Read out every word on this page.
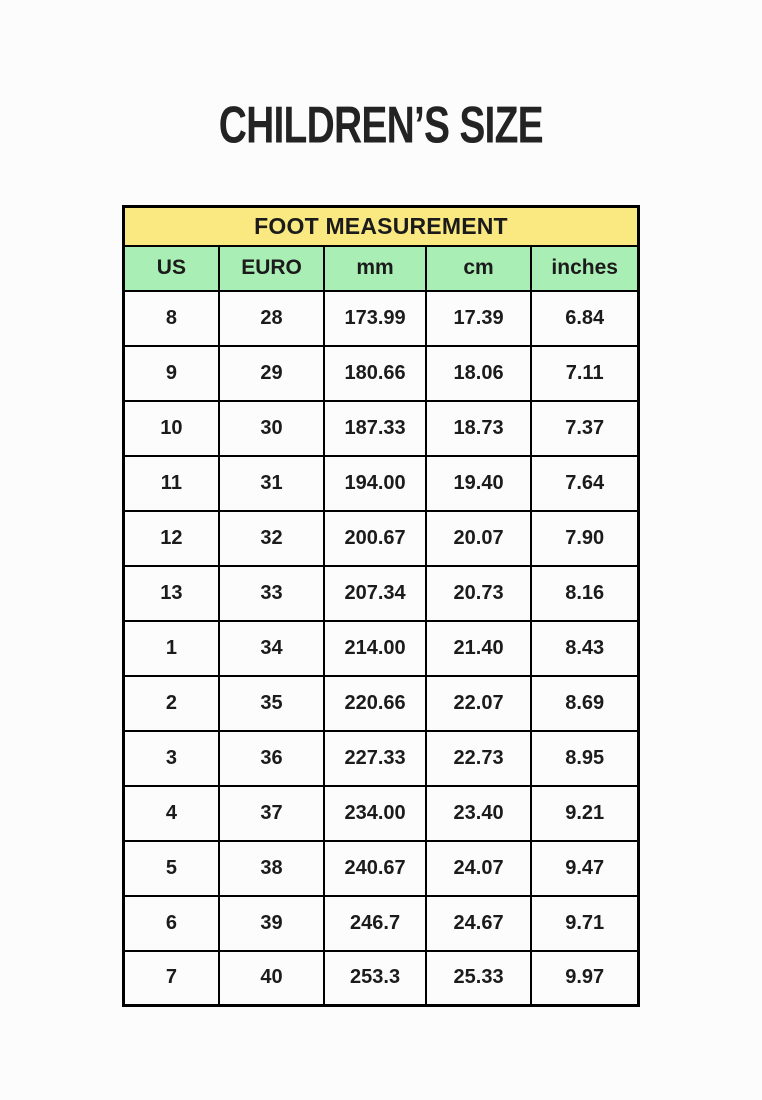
CHILDREN’S SIZE
FOOT MEASUREMENT				
US	EURO	mm	cm	inches
8	28	173.99	17.39	6.84
9	29	180.66	18.06	7.11
10	30	187.33	18.73	7.37
11	31	194.00	19.40	7.64
12	32	200.67	20.07	7.90
13	33	207.34	20.73	8.16
1	34	214.00	21.40	8.43
2	35	220.66	22.07	8.69
3	36	227.33	22.73	8.95
4	37	234.00	23.40	9.21
5	38	240.67	24.07	9.47
6	39	246.7	24.67	9.71
7	40	253.3	25.33	9.97
